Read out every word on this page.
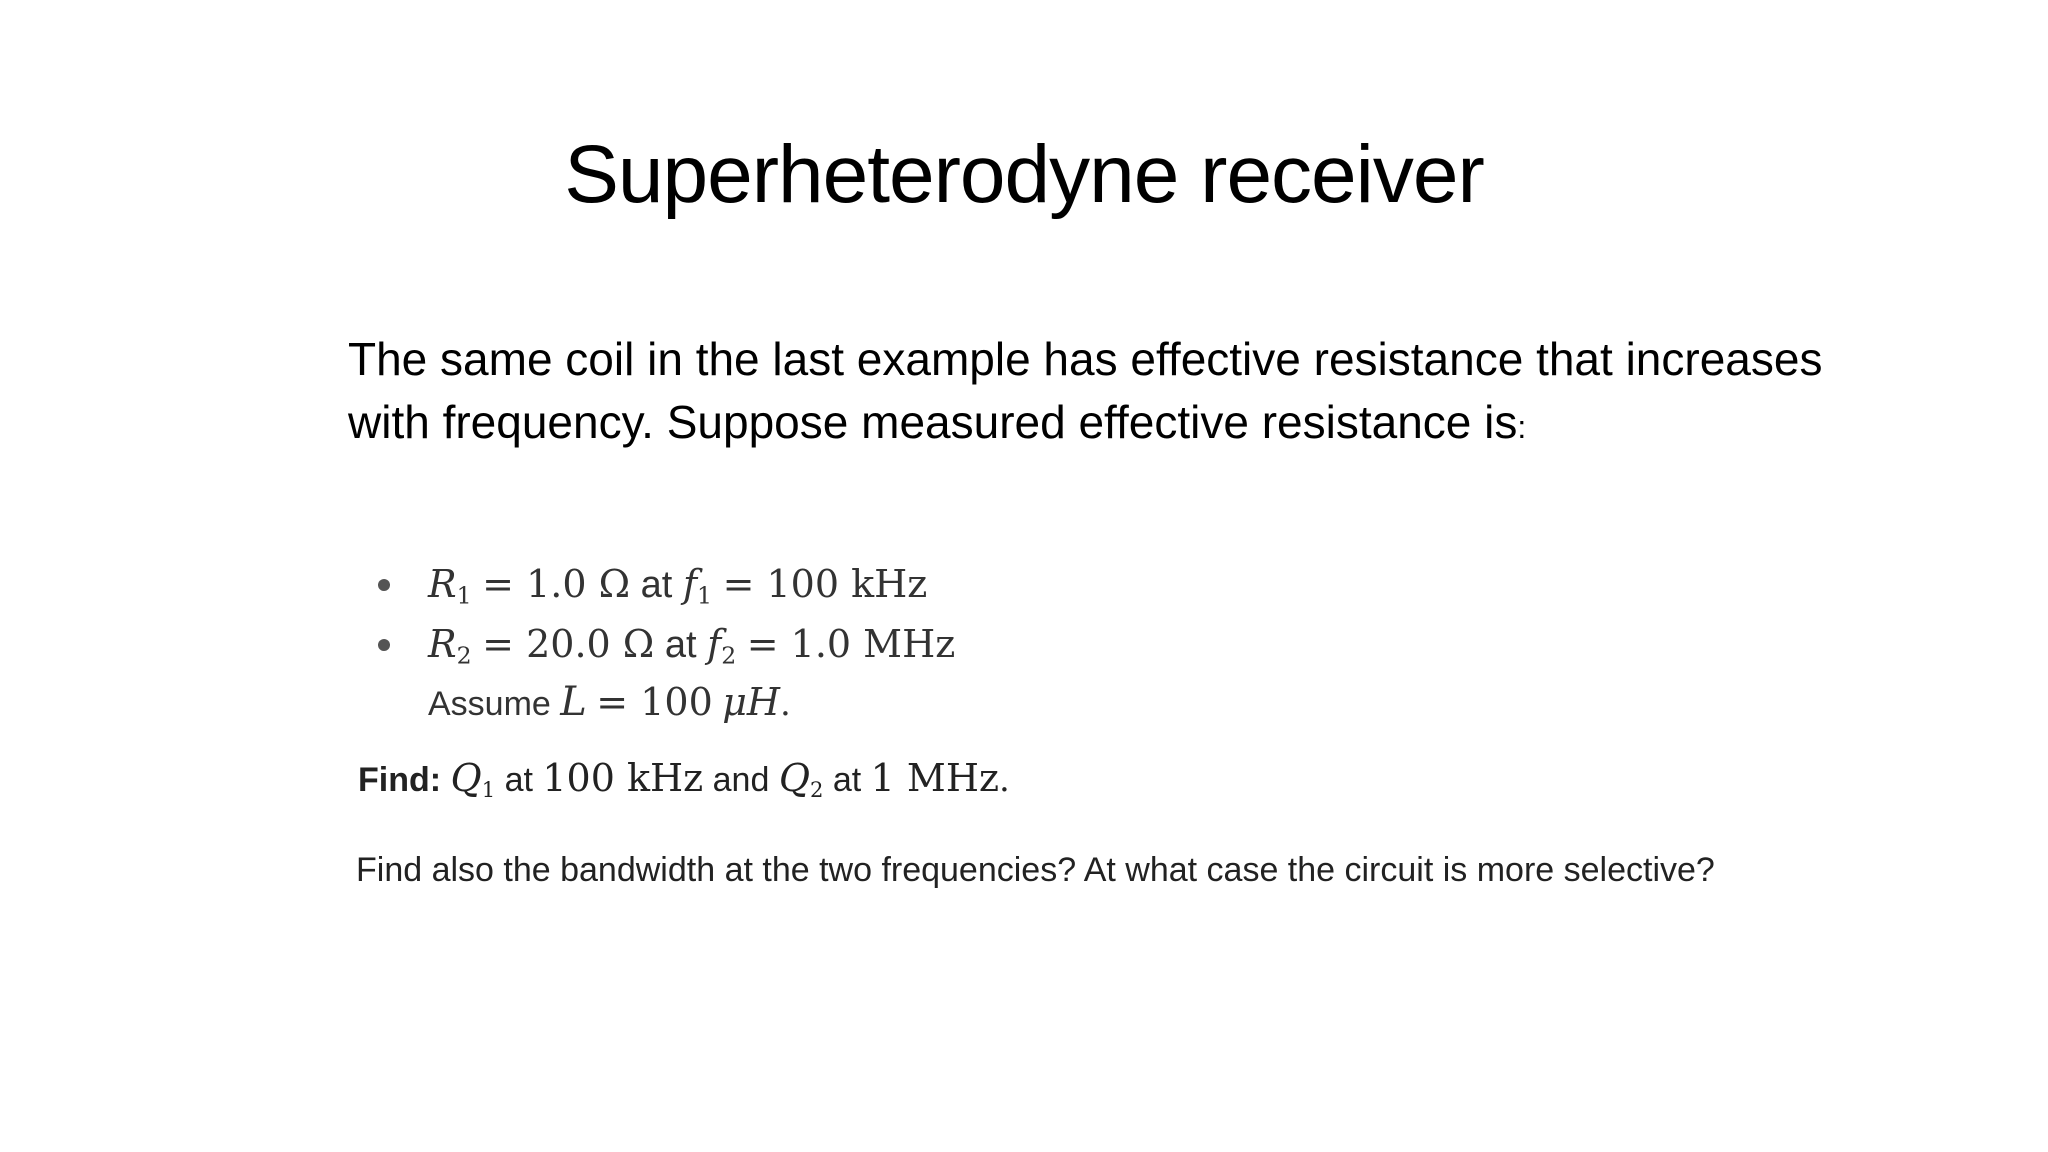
Superheterodyne receiver
The same coil in the last example has effective resistance that increases with frequency. Suppose measured effective resistance is:
$R_1 = 1.0$ Ω at $f_1 = 100$ kHz
$R_2 = 20.0$ Ω at $f_2 = 1.0$ MHz
Assume L = 100 μH.
Find: $Q_1$ at 100 kHz and $Q_2$ at 1 MHz.
Find also the bandwidth at the two frequencies? At what case the circuit is more selective?
